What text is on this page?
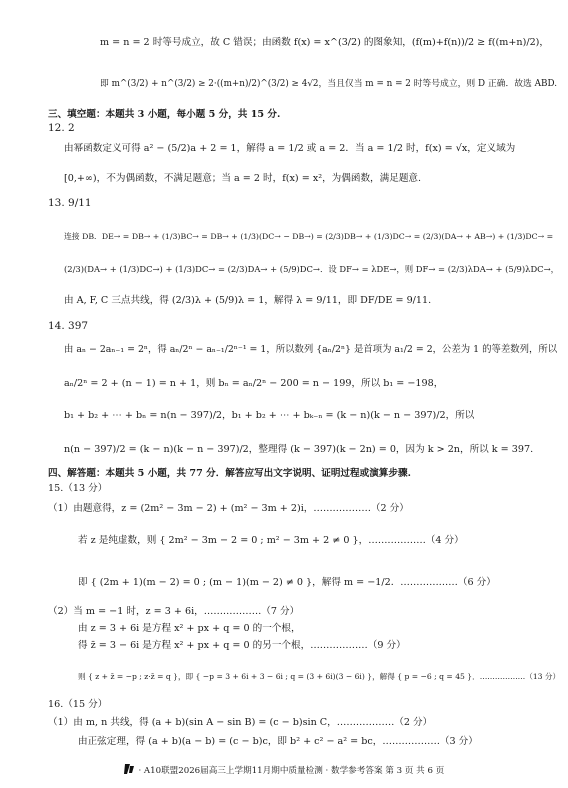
m = n = 2 时等号成立，故 C 错误；由函数 f(x) = x^(3/2) 的图象知，(f(m)+f(n))/2 ≥ f((m+n)/2)，
即 m^(3/2) + n^(3/2) ≥ 2·((m+n)/2)^(3/2) ≥ 4√2，当且仅当 m = n = 2 时等号成立，则 D 正确．故选 ABD.
三、填空题：本题共 3 小题，每小题 5 分，共 15 分.
12. 2
由幂函数定义可得 a² − (5/2)a + 2 = 1，解得 a = 1/2 或 a = 2．当 a = 1/2 时，f(x) = √x，定义域为
[0,+∞)，不为偶函数，不满足题意；当 a = 2 时，f(x) = x²，为偶函数，满足题意.
13. 9/11
连接 DB．DE→ = DB→ + (1/3)BC→ = DB→ + (1/3)(DC→ − DB→) = (2/3)DB→ + (1/3)DC→ = (2/3)(DA→ + AB→) + (1/3)DC→ =
(2/3)(DA→ + (1/3)DC→) + (1/3)DC→ = (2/3)DA→ + (5/9)DC→．设 DF→ = λDE→，则 DF→ = (2/3)λDA→ + (5/9)λDC→，
由 A, F, C 三点共线，得 (2/3)λ + (5/9)λ = 1，解得 λ = 9/11，即 DF/DE = 9/11.
14. 397
由 aₙ − 2aₙ₋₁ = 2ⁿ，得 aₙ/2ⁿ − aₙ₋₁/2ⁿ⁻¹ = 1，所以数列 {aₙ/2ⁿ} 是首项为 a₁/2 = 2，公差为 1 的等差数列，所以
aₙ/2ⁿ = 2 + (n − 1) = n + 1，则 bₙ = aₙ/2ⁿ − 200 = n − 199，所以 b₁ = −198，
b₁ + b₂ + ⋯ + bₙ = n(n − 397)/2，b₁ + b₂ + ⋯ + bₖ₋ₙ = (k − n)(k − n − 397)/2，所以
n(n − 397)/2 = (k − n)(k − n − 397)/2，整理得 (k − 397)(k − 2n) = 0，因为 k > 2n，所以 k = 397.
四、解答题：本题共 5 小题，共 77 分．解答应写出文字说明、证明过程或演算步骤.
15.（13 分）
（1）由题意得，z = (2m² − 3m − 2) + (m² − 3m + 2)i，………………（2 分）
若 z 是纯虚数，则 { 2m² − 3m − 2 = 0 ; m² − 3m + 2 ≠ 0 }，………………（4 分）
即 { (2m + 1)(m − 2) = 0 ; (m − 1)(m − 2) ≠ 0 }，解得 m = −1/2．………………（6 分）
（2）当 m = −1 时，z = 3 + 6i，………………（7 分）
由 z = 3 + 6i 是方程 x² + px + q = 0 的一个根，
得 z̄ = 3 − 6i 是方程 x² + px + q = 0 的另一个根，………………（9 分）
则 { z + z̄ = −p ; z·z̄ = q }，即 { −p = 3 + 6i + 3 − 6i ; q = (3 + 6i)(3 − 6i) }，解得 { p = −6 ; q = 45 }．………………（13 分）
16.（15 分）
（1）由 m, n 共线，得 (a + b)(sin A − sin B) = (c − b)sin C，………………（2 分）
由正弦定理，得 (a + b)(a − b) = (c − b)c，即 b² + c² − a² = bc，………………（3 分）
· A10联盟2026届高三上学期11月期中质量检测 · 数学参考答案 第 3 页 共 6 页
